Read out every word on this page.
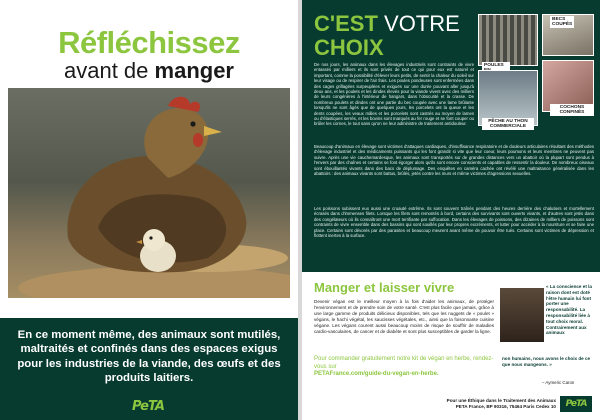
Réfléchissez
avant de manger

En ce moment même, des animaux sont mutilés, maltraités et confinés dans des espaces exigus pour les industries de la viande, des œufs et des produits laitiers.

PeTA
C'EST VOTRE
CHOIX
BECS COUPÉS
POULES
COCHONS CONFINÉS
PÊCHE AU THON COMMERCIALE

De nos jours, les animaux dans les élevages industriels sont contraints de vivre entassés par milliers et ils sont privés de tout ce qui pour eux est naturel et important, comme la possibilité d'élever leurs petits, de sentir la chaleur du soleil sur leur visage ou de respirer de l'air frais. Les poules pondeuses sont enfermées dans des cages grillagées surpeuplées et exiguës sur une durée pouvant aller jusqu'à deux ans, et les poulets et les dindes élevés pour la viande vivent avec des milliers de leurs congénères à l'intérieur de hangars, dans l'obscurité et la crasse. De nombreux poulets et dindes ont une partie du bec coupée avec une lame brûlante lorsqu'ils ne sont âgés que de quelques jours, les porcelets ont la queue et les dents coupées, les veaux mâles et les porcelets sont castrés au moyen de lames ou d'élastiques serrés, et les bovins sont marqués au fer rouge et se font couper ou brûler les cornes, le tout sans qu'on ne leur administre de traitement antidouleur.

Beaucoup d'animaux en élevage sont victimes d'attaques cardiaques, d'insuffisance respiratoire et de douleurs articulaires résultant des méthodes d'élevage industriel et des médicaments puissants qui les font grandir si vite que leur coeur, leurs poumons et leurs membres ne peuvent pas suivre. Après une vie cauchemardesque, les animaux sont transportés sur de grandes distances vers un abattoir où la plupart sont pendus à l'envers par des chaînes et certains se font égorger alors qu'ils sont encore conscients et capables de ressentir la douleur. De nombreux oiseaux sont ébouillantés vivants dans des bacs de déplumage. Des enquêtes en caméra cachée ont révélé une maltraitance généralisée dans les abattoirs : des animaux vivants sont battus, brûlés, jetés contre les murs et même victimes d'agressions sexuelles.

Les poissons subissent eux aussi une cruauté extrême. Ils sont souvent traînés pendant des heures derrière des chalutiers et mortellement écrasés dans d'immenses filets. Lorsque les filets sont remontés à bord, certains des survivants sont ouverts vivants, et d'autres sont jetés dans des congélateurs où ils connaîtront une mort terrifiante par suffocation. Dans les élevages de poissons, des dizaines de milliers de poissons sont contraints de vivre ensemble dans des bassins qui sont souillés par leur propres excréments, et lutter pour accéder à la nourriture et se faire une place. Certains sont dévorés par des parasites et beaucoup meurent avant même de pouvoir être tués. Certains sont victimes de dépression et flottent inertes à la surface.

Manger et laisser vivre

Devenir végan est le meilleur moyen à la fois d'aider les animaux, de protéger l'environnement et de prendre soin de votre santé. C'est plus facile que jamais, grâce à une large gamme de produits délicieux disponibles, tels que les nuggets de « poulet » végans, le hachi végétal, les saucisses végétales, etc., ainsi que la foisonnante cuisine végane. Les végans courent aussi beaucoup moins de risque de souffrir de maladies cardio-vasculaires, de cancer et de diabète et sont plus susceptibles de garder la ligne.

Pour commander gratuitement notre kit de végan en herbe, rendez-vous sur
PETAFrance.com/guide-du-vegan-en-herbe.

« La conscience et la raison dont est doté l'être humain lui font porter une responsabilité. La responsabilité liée à tout choix moral. Contrairement aux animaux

non humains, nous avons le choix de ce que nous mangeons. »

– Aymeric Caron
Pour une Éthique dans le Traitement des Animaux
PETA France, BP 90316, 75464 Paris Cedex 10	PeTA
